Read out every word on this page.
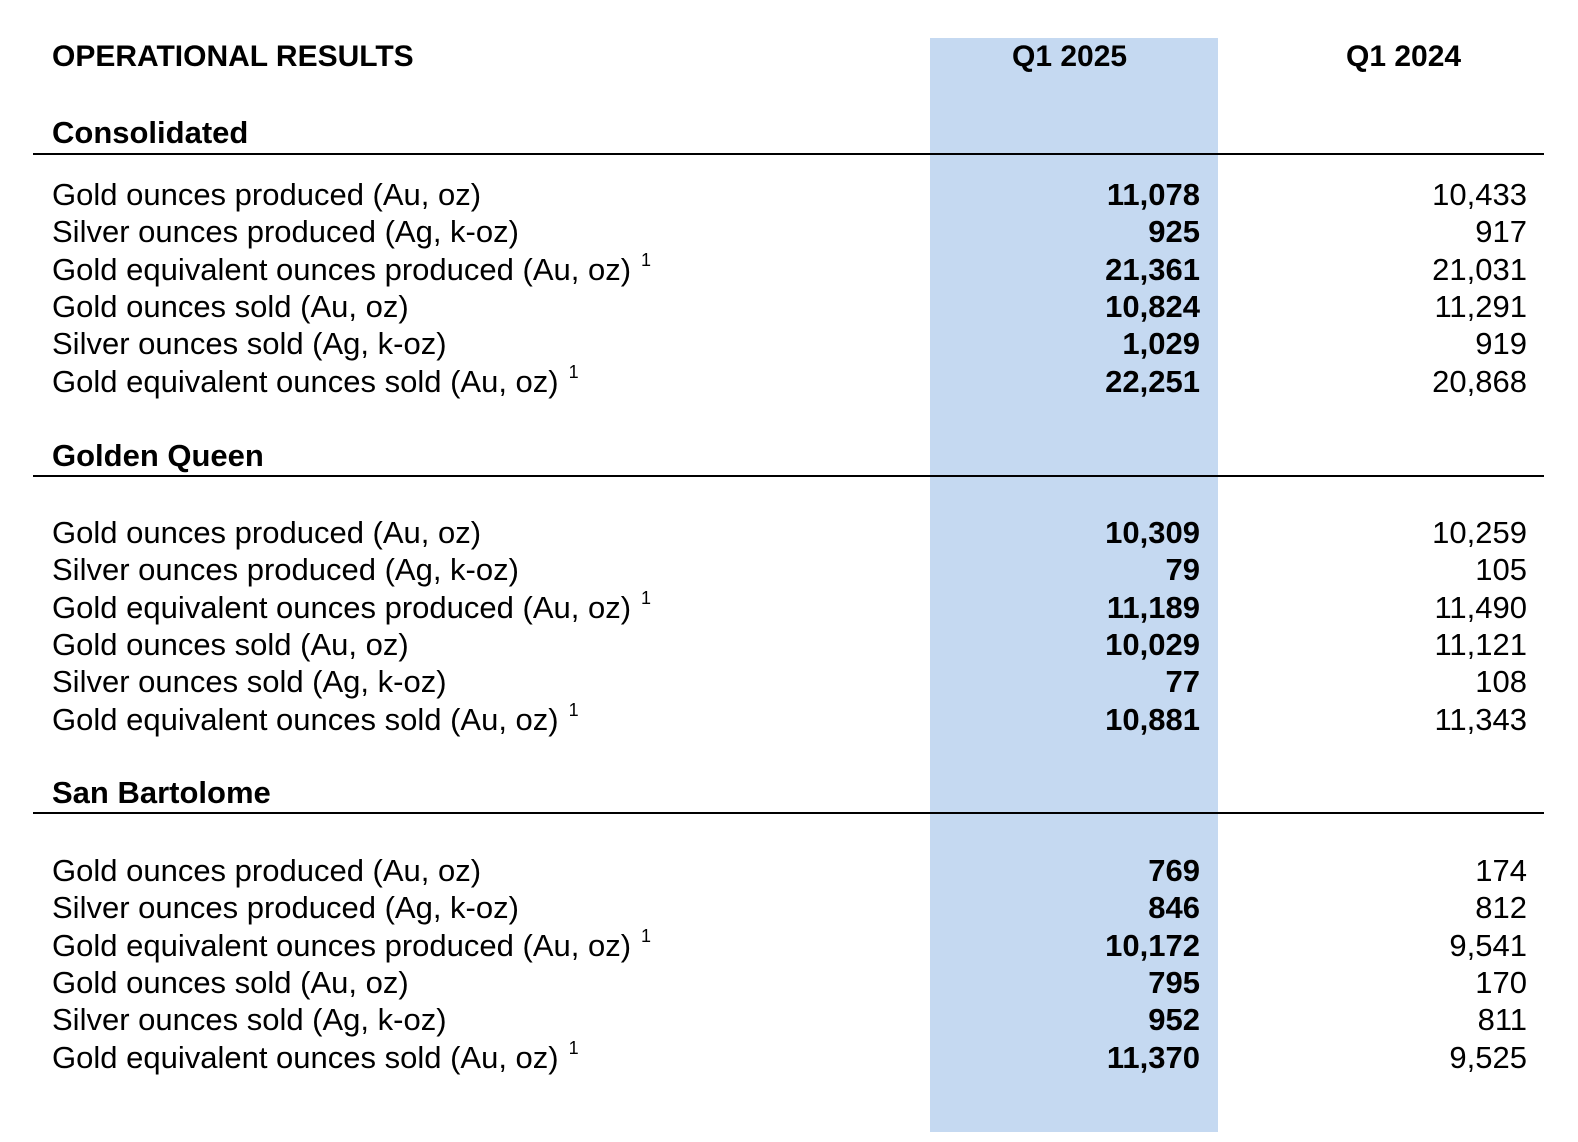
OPERATIONAL RESULTS	Q1 2025	Q1 2024
Consolidated
Gold ounces produced (Au, oz)	11,078	10,433
Silver ounces produced (Ag, k-oz)	925	917
Gold equivalent ounces produced (Au, oz) $^1$	21,361	21,031
Gold ounces sold (Au, oz)	10,824	11,291
Silver ounces sold (Ag, k-oz)	1,029	919
Gold equivalent ounces sold (Au, oz) $^1$	22,251	20,868
Golden Queen
Gold ounces produced (Au, oz)	10,309	10,259
Silver ounces produced (Ag, k-oz)	79	105
Gold equivalent ounces produced (Au, oz) $^1$	11,189	11,490
Gold ounces sold (Au, oz)	10,029	11,121
Silver ounces sold (Ag, k-oz)	77	108
Gold equivalent ounces sold (Au, oz) $^1$	10,881	11,343
San Bartolome
Gold ounces produced (Au, oz)	769	174
Silver ounces produced (Ag, k-oz)	846	812
Gold equivalent ounces produced (Au, oz) $^1$	10,172	9,541
Gold ounces sold (Au, oz)	795	170
Silver ounces sold (Ag, k-oz)	952	811
Gold equivalent ounces sold (Au, oz) $^1$	11,370	9,525
